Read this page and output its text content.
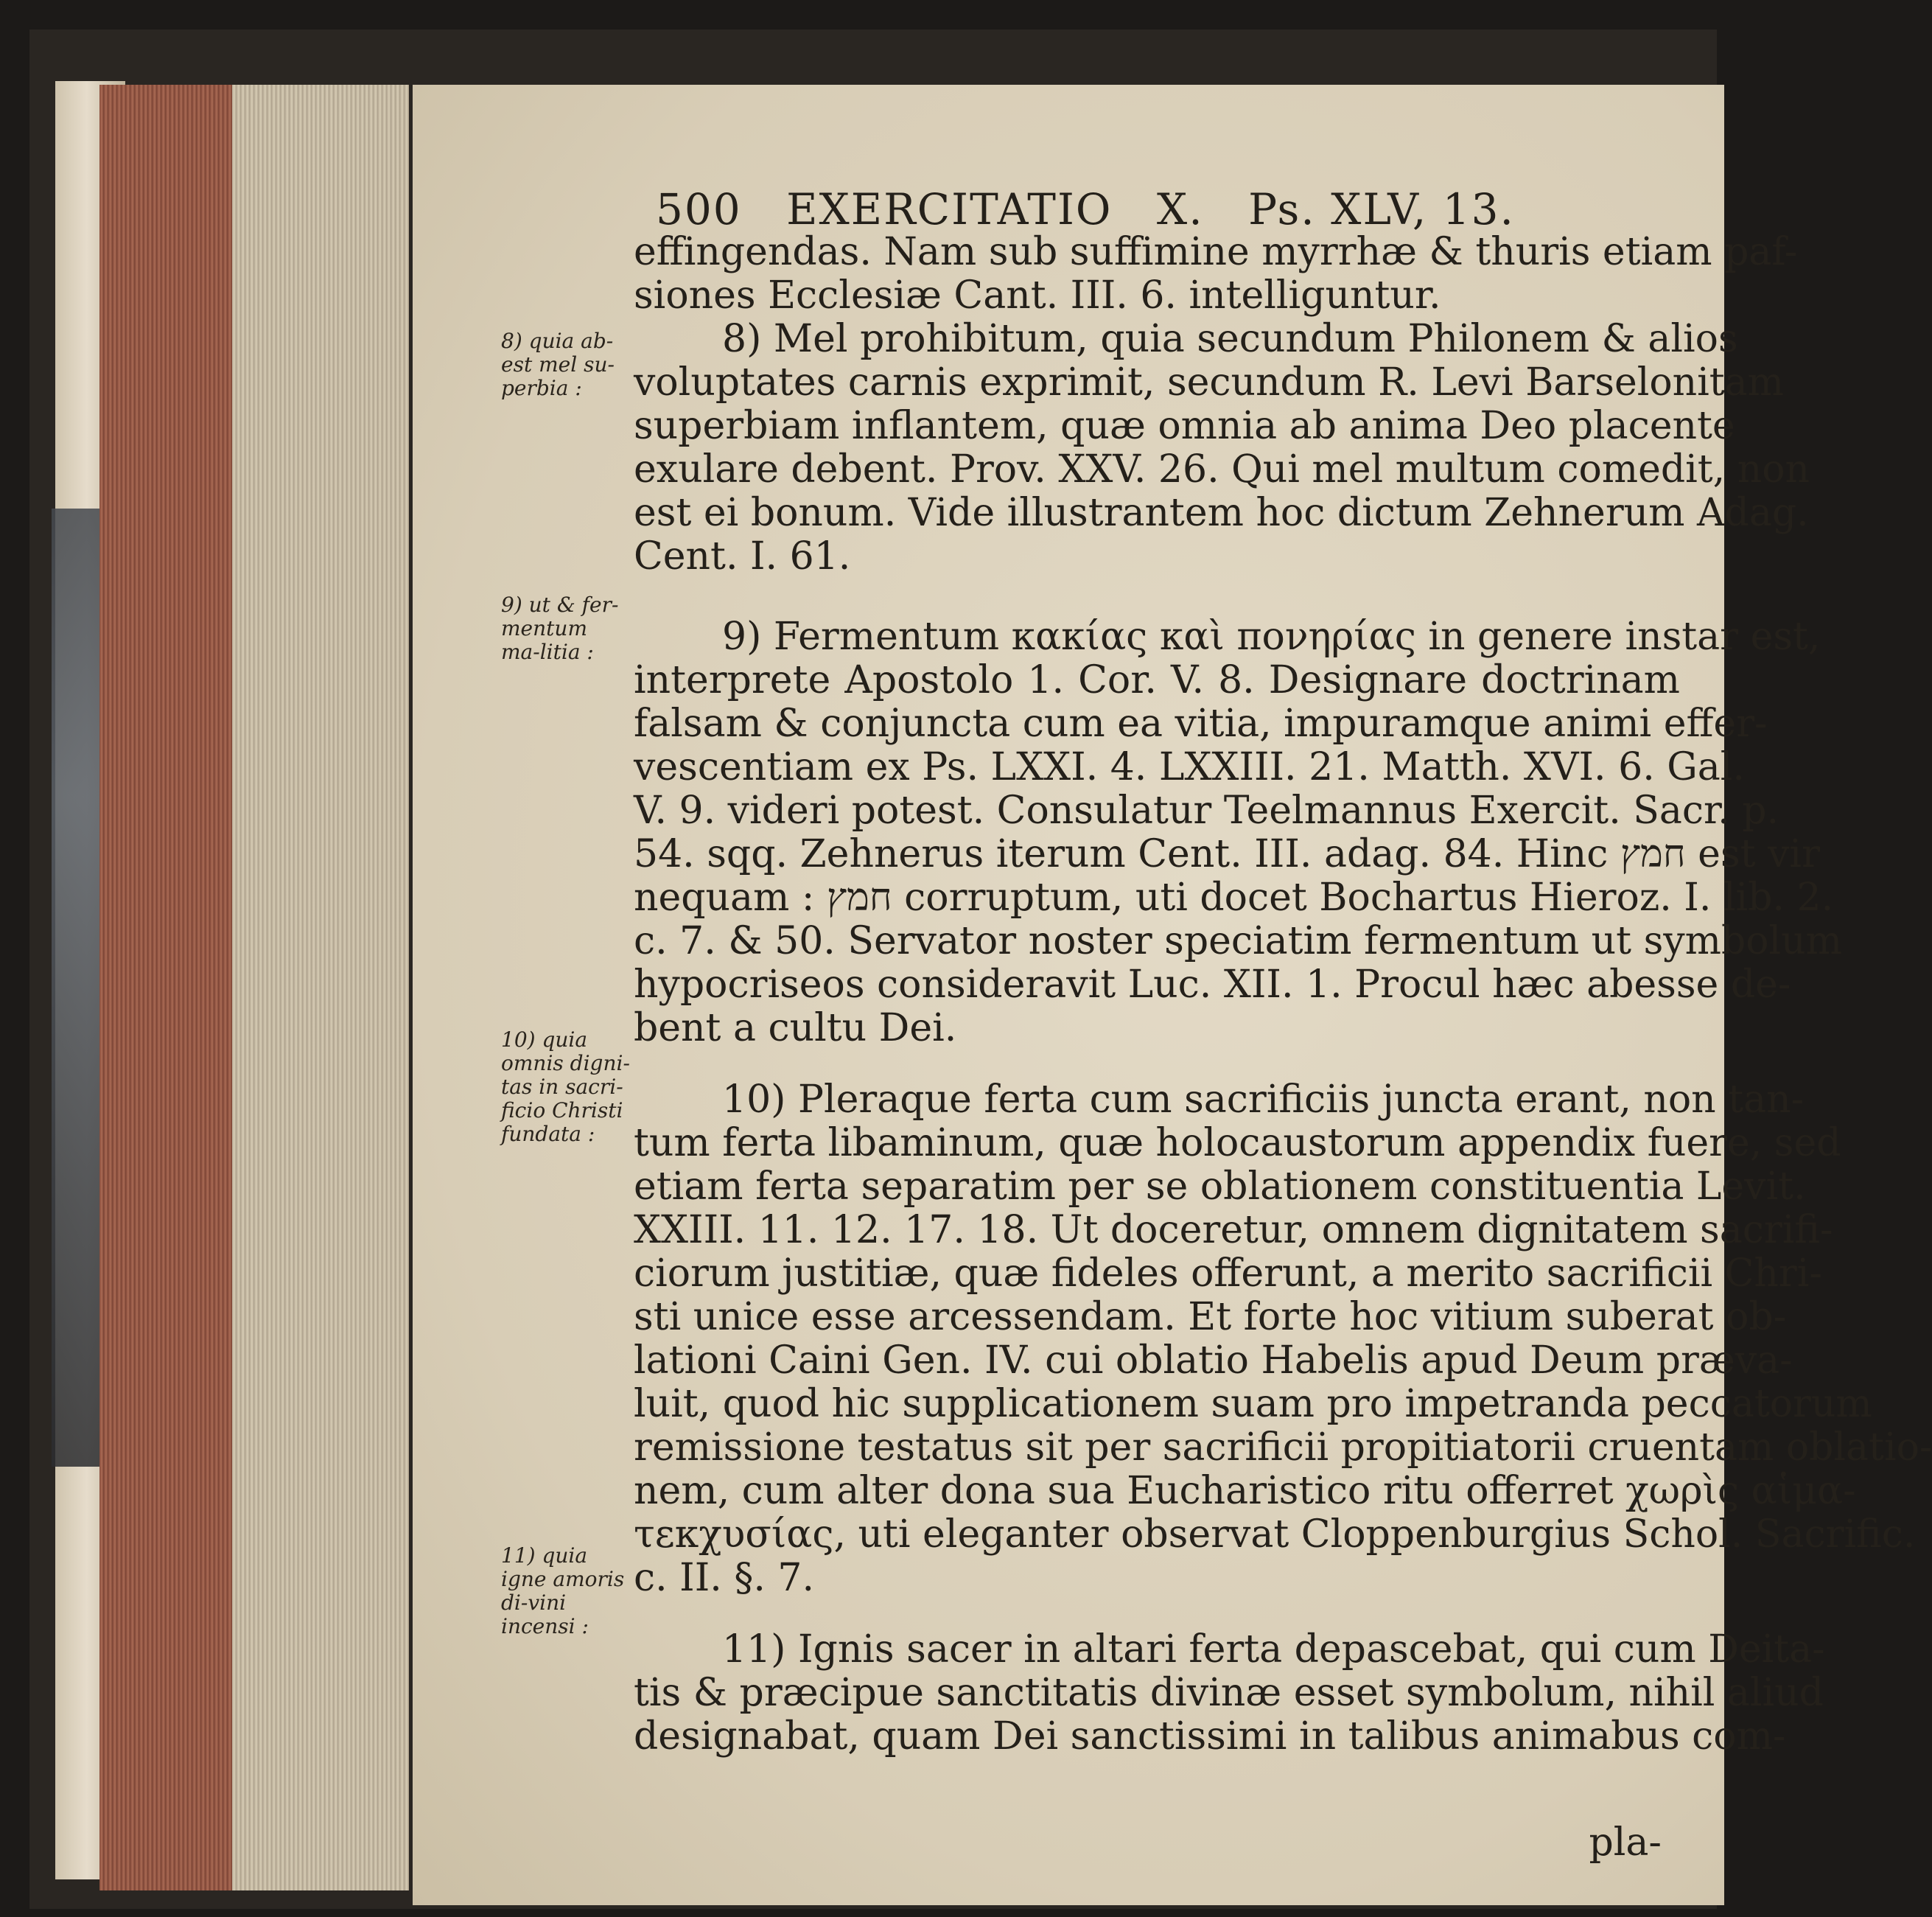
500 EXERCITATIO X. Ps. XLV, 13.
8) quia ab-est mel su-perbia :
9) ut & fer-mentum ma-litia :
10) quia omnis digni-tas in sacri-ficio Christi fundata :
11) quia igne amoris di-vini incensi :
effingendas. Nam sub suffimine myrrhæ & thuris etiam paf-
siones Ecclesiæ Cant. III. 6. intelliguntur.
8) Mel prohibitum, quia secundum Philonem & alios
voluptates carnis exprimit, secundum R. Levi Barselonitam
superbiam inflantem, quæ omnia ab anima Deo placente
exulare debent. Prov. XXV. 26. Qui mel multum comedit, non
est ei bonum. Vide illustrantem hoc dictum Zehnerum Adag.
Cent. I. 61.
9) Fermentum κακίας καὶ πονηρίας in genere instar est,
interprete Apostolo 1. Cor. V. 8. Designare doctrinam
falsam & conjuncta cum ea vitia, impuramque animi effer-
vescentiam ex Ps. LXXI. 4. LXXIII. 21. Matth. XVI. 6. Gal.
V. 9. videri potest. Consulatur Teelmannus Exercit. Sacr. p.
54. sqq. Zehnerus iterum Cent. III. adag. 84. Hinc חמץ est vir
nequam : חמץ corruptum, uti docet Bochartus Hieroz. I. lib. 2.
c. 7. & 50. Servator noster speciatim fermentum ut symbolum
hypocriseos consideravit Luc. XII. 1. Procul hæc abesse de-
bent a cultu Dei.
10) Pleraque ferta cum sacrificiis juncta erant, non tan-
tum ferta libaminum, quæ holocaustorum appendix fuere, sed
etiam ferta separatim per se oblationem constituentia Levit.
XXIII. 11. 12. 17. 18. Ut doceretur, omnem dignitatem sacrifi-
ciorum justitiæ, quæ fideles offerunt, a merito sacrificii Chri-
sti unice esse arcessendam. Et forte hoc vitium suberat ob-
lationi Caini Gen. IV. cui oblatio Habelis apud Deum præva-
luit, quod hic supplicationem suam pro impetranda peccatorum
remissione testatus sit per sacrificii propitiatorii cruentam oblatio-
nem, cum alter dona sua Eucharistico ritu offerret χωρὶς αἱμα-
τεκχυσίας, uti eleganter observat Cloppenburgius Schol. Sacrific.
c. II. §. 7.
11) Ignis sacer in altari ferta depascebat, qui cum Deita-
tis & præcipue sanctitatis divinæ esset symbolum, nihil aliud
designabat, quam Dei sanctissimi in talibus animabus com-
pla-
